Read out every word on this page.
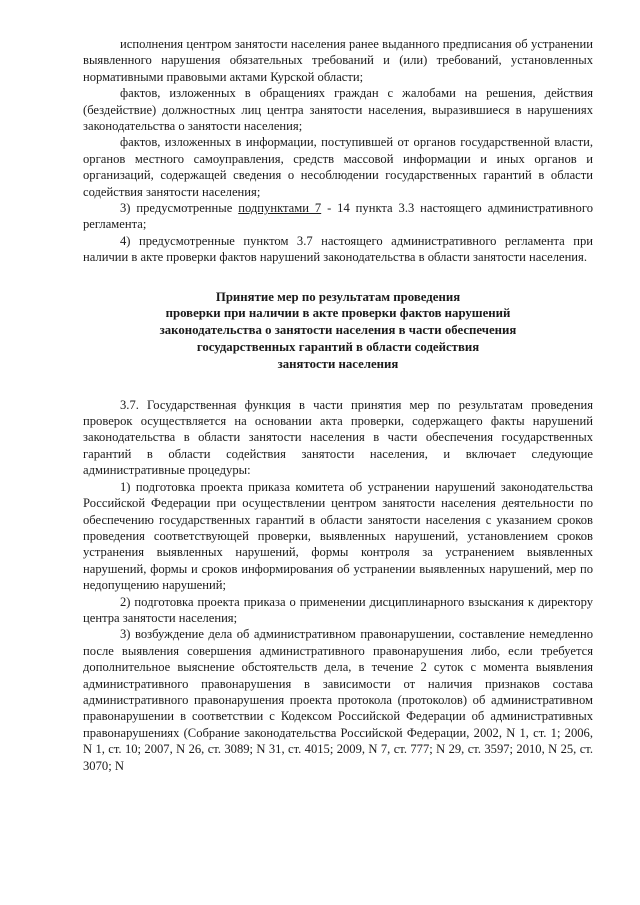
исполнения центром занятости населения ранее выданного предписания об устранении выявленного нарушения обязательных требований и (или) требований, установленных нормативными правовыми актами Курской области;

фактов, изложенных в обращениях граждан с жалобами на решения, действия (бездействие) должностных лиц центра занятости населения, выразившиеся в нарушениях законодательства о занятости населения;

фактов, изложенных в информации, поступившей от органов государственной власти, органов местного самоуправления, средств массовой информации и иных органов и организаций, содержащей сведения о несоблюдении государственных гарантий в области содействия занятости населения;

3) предусмотренные подпунктами 7 - 14 пункта 3.3 настоящего административного регламента;

4) предусмотренные пунктом 3.7 настоящего административного регламента при наличии в акте проверки фактов нарушений законодательства в области занятости населения.

Принятие мер по результатам проведения
проверки при наличии в акте проверки фактов нарушений
законодательства о занятости населения в части обеспечения
государственных гарантий в области содействия
занятости населения

3.7. Государственная функция в части принятия мер по результатам проведения проверок осуществляется на основании акта проверки, содержащего факты нарушений законодательства в области занятости населения в части обеспечения государственных гарантий в области содействия занятости населения, и включает следующие административные процедуры:

1) подготовка проекта приказа комитета об устранении нарушений законодательства Российской Федерации при осуществлении центром занятости населения деятельности по обеспечению государственных гарантий в области занятости населения с указанием сроков проведения соответствующей проверки, выявленных нарушений, установлением сроков устранения выявленных нарушений, формы контроля за устранением выявленных нарушений, формы и сроков информирования об устранении выявленных нарушений, мер по недопущению нарушений;

2) подготовка проекта приказа о применении дисциплинарного взыскания к директору центра занятости населения;

3) возбуждение дела об административном правонарушении, составление немедленно после выявления совершения административного правонарушения либо, если требуется дополнительное выяснение обстоятельств дела, в течение 2 суток с момента выявления административного правонарушения в зависимости от наличия признаков состава административного правонарушения проекта протокола (протоколов) об административном правонарушении в соответствии с Кодексом Российской Федерации об административных правонарушениях (Собрание законодательства Российской Федерации, 2002, N 1, ст. 1; 2006, N 1, ст. 10; 2007, N 26, ст. 3089; N 31, ст. 4015; 2009, N 7, ст. 777; N 29, ст. 3597; 2010, N 25, ст. 3070; N
